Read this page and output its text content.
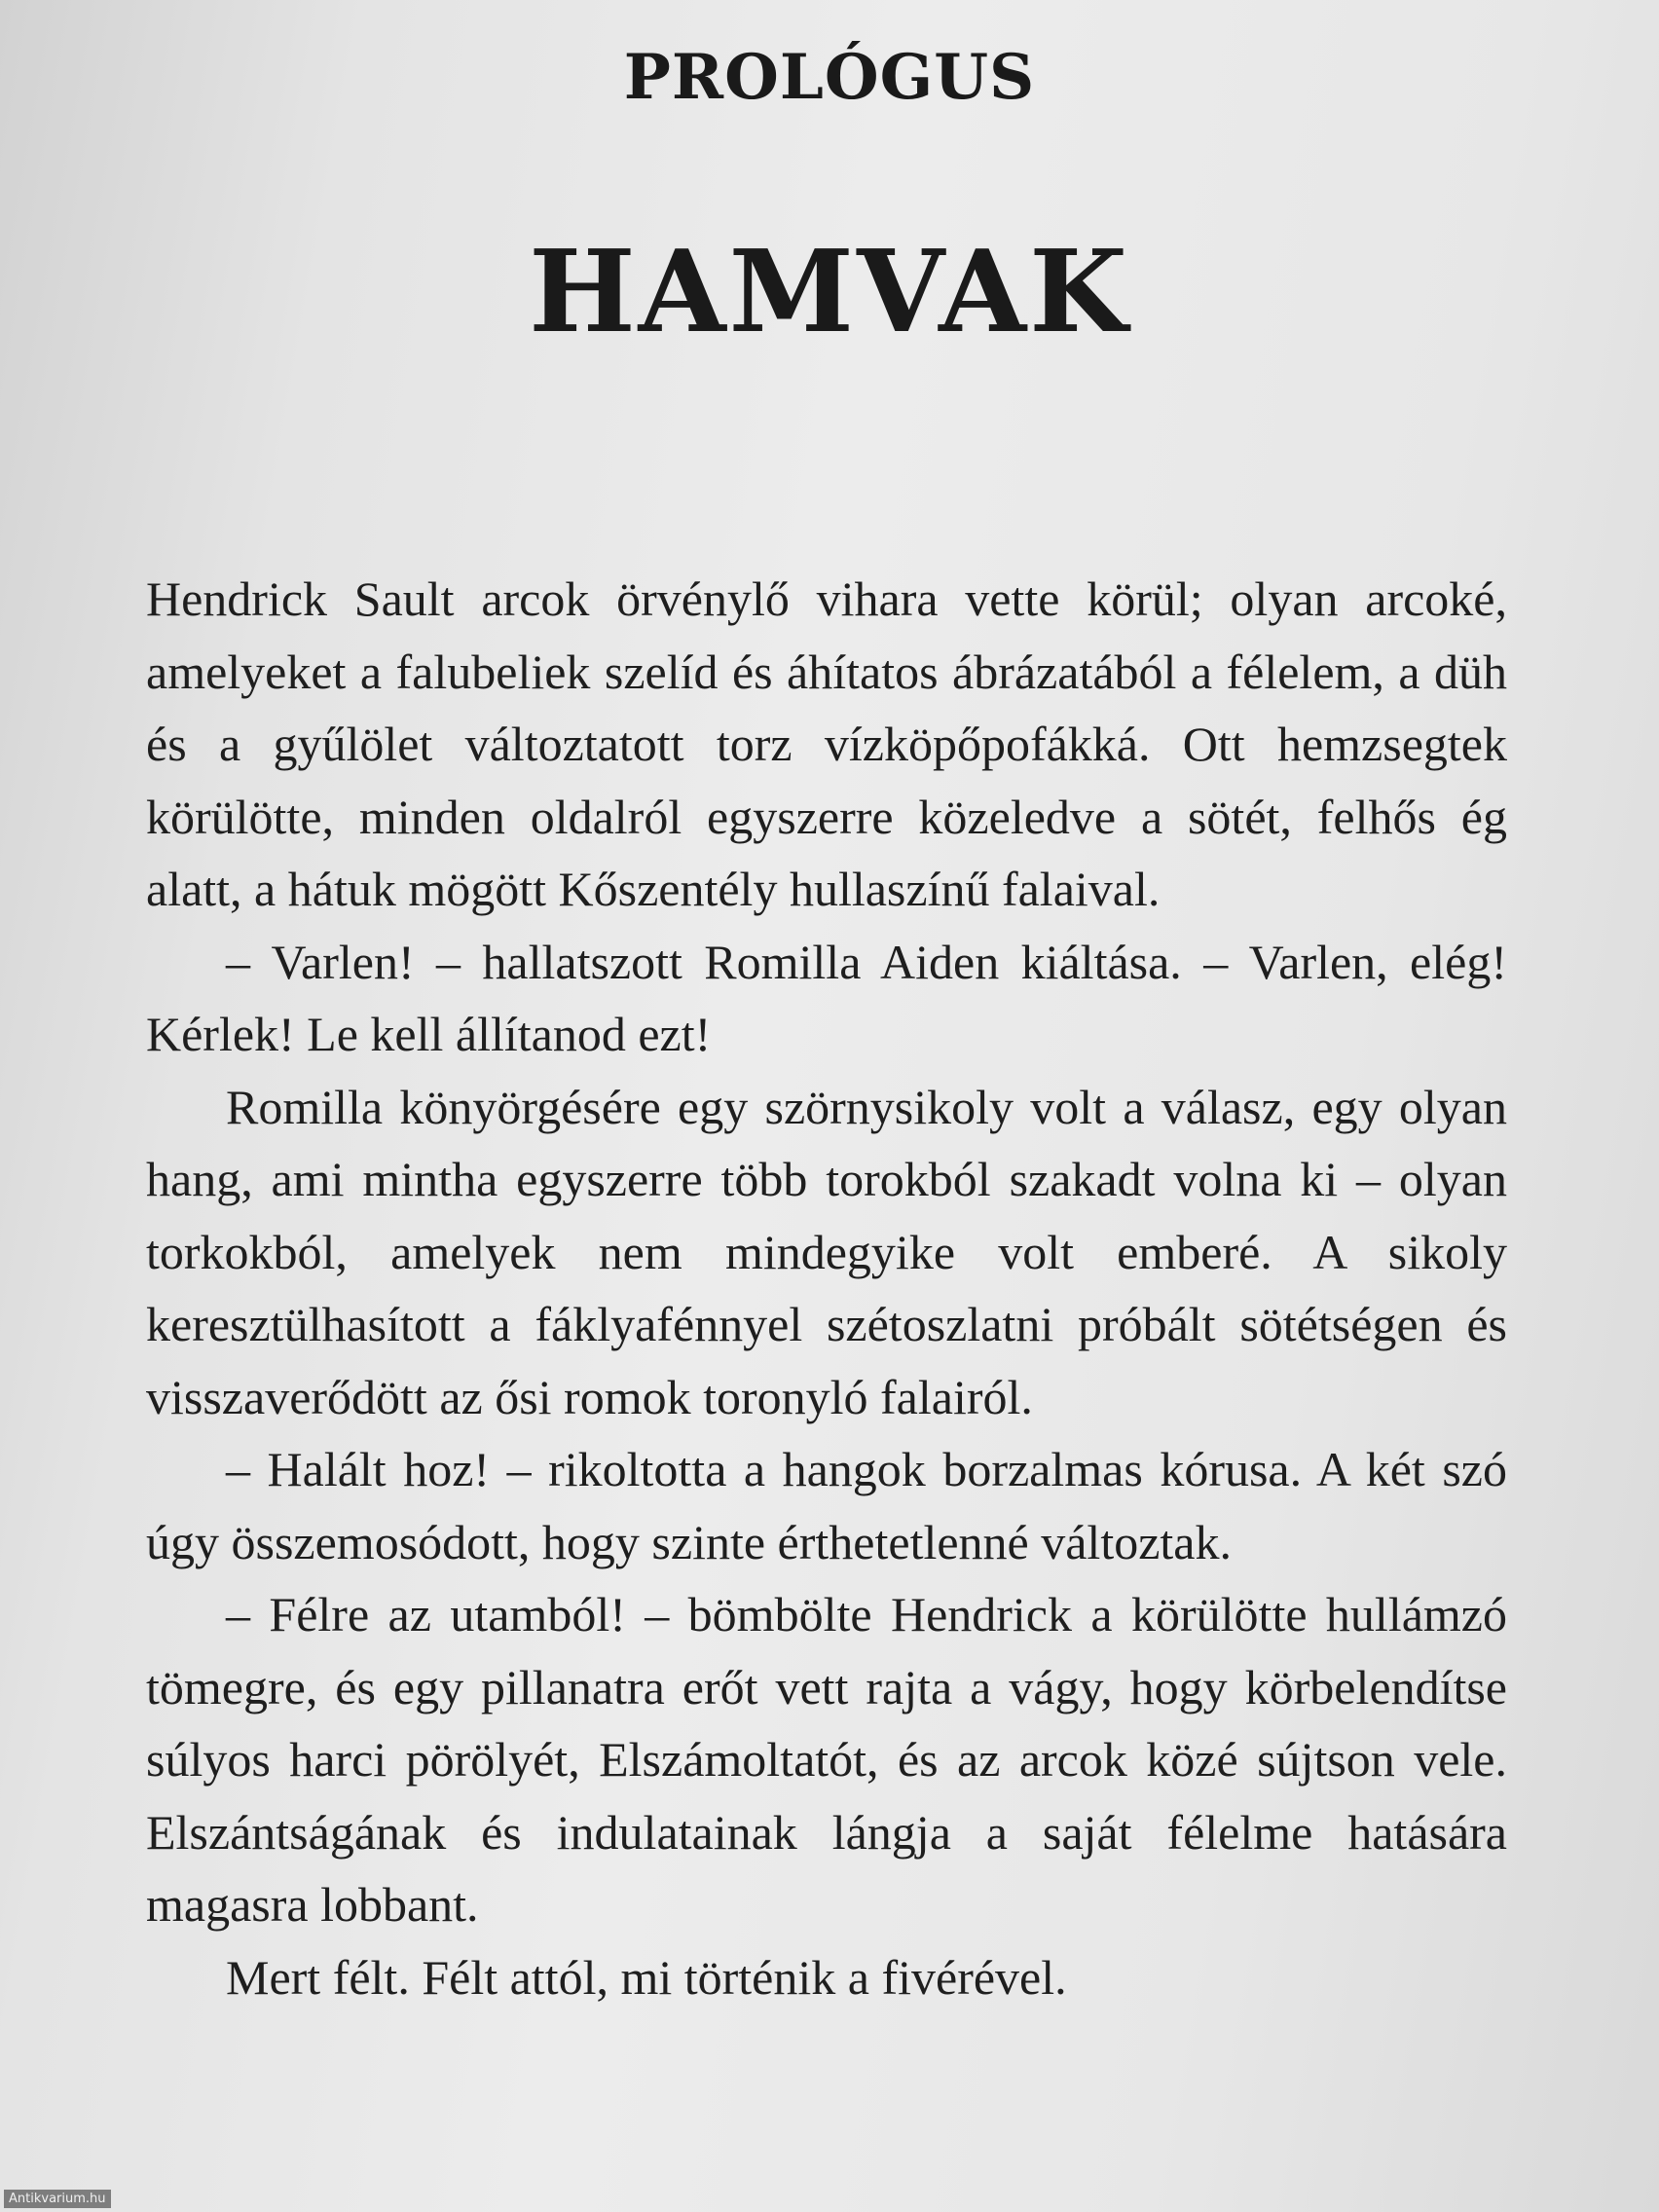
PROLÓGUS
HAMVAK

Hendrick Sault arcok örvénylő vihara vette körül; olyan arcoké, amelyeket a falubeliek szelíd és áhítatos ábrázatából a félelem, a düh és a gyűlölet változtatott torz vízköpőpofákká. Ott hemzsegtek körülötte, minden oldalról egyszerre közeledve a sötét, felhős ég alatt, a hátuk mögött Kőszentély hullaszínű falaival.

– Varlen! – hallatszott Romilla Aiden kiáltása. – Varlen, elég! Kérlek! Le kell állítanod ezt!

Romilla könyörgésére egy szörnysikoly volt a válasz, egy olyan hang, ami mintha egyszerre több torokból szakadt volna ki – olyan torkokból, amelyek nem mindegyike volt emberé. A sikoly keresztülhasított a fáklyafénnyel szétoszlatni próbált sötétségen és visszaverődött az ősi romok toronyló falairól.

– Halált hoz! – rikoltotta a hangok borzalmas kórusa. A két szó úgy összemosódott, hogy szinte érthetetlenné változtak.

– Félre az utamból! – bömbölte Hendrick a körülötte hullámzó tömegre, és egy pillanatra erőt vett rajta a vágy, hogy körbelendítse súlyos harci pörölyét, Elszámoltatót, és az arcok közé sújtson vele. Elszántságának és indulatainak lángja a saját félelme hatására magasra lobbant.

Mert félt. Félt attól, mi történik a fivérével.

Antikvarium.hu
